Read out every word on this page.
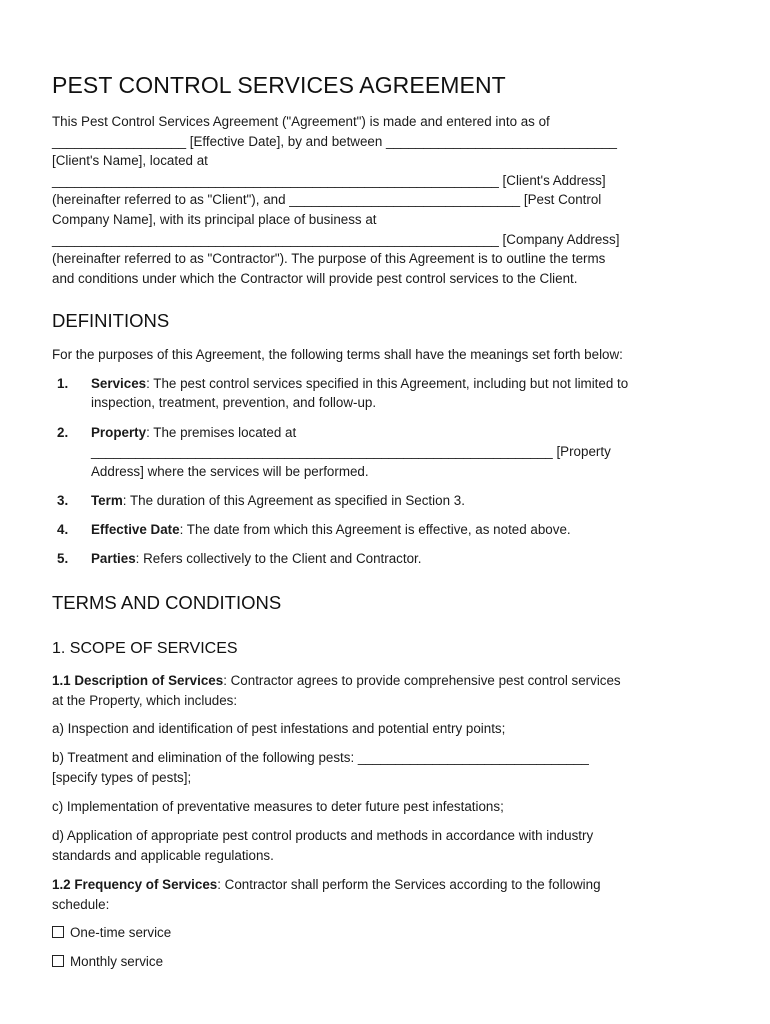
PEST CONTROL SERVICES AGREEMENT
This Pest Control Services Agreement ("Agreement") is made and entered into as of
__________________ [Effective Date], by and between _______________________________
[Client's Name], located at
____________________________________________________________ [Client's Address]
(hereinafter referred to as "Client"), and _______________________________ [Pest Control
Company Name], with its principal place of business at
____________________________________________________________ [Company Address]
(hereinafter referred to as "Contractor"). The purpose of this Agreement is to outline the terms
and conditions under which the Contractor will provide pest control services to the Client.
DEFINITIONS

For the purposes of this Agreement, the following terms shall have the meanings set forth below:

1. Services: The pest control services specified in this Agreement, including but not limited to
inspection, treatment, prevention, and follow-up.
2. Property: The premises located at
______________________________________________________________ [Property
Address] where the services will be performed.
3. Term: The duration of this Agreement as specified in Section 3.
4. Effective Date: The date from which this Agreement is effective, as noted above.
5. Parties: Refers collectively to the Client and Contractor.
TERMS AND CONDITIONS
1. SCOPE OF SERVICES

1.1 Description of Services: Contractor agrees to provide comprehensive pest control services
at the Property, which includes:

a) Inspection and identification of pest infestations and potential entry points;

b) Treatment and elimination of the following pests: _______________________________
[specify types of pests];

c) Implementation of preventative measures to deter future pest infestations;

d) Application of appropriate pest control products and methods in accordance with industry
standards and applicable regulations.

1.2 Frequency of Services: Contractor shall perform the Services according to the following
schedule:

One-time service
Monthly service
